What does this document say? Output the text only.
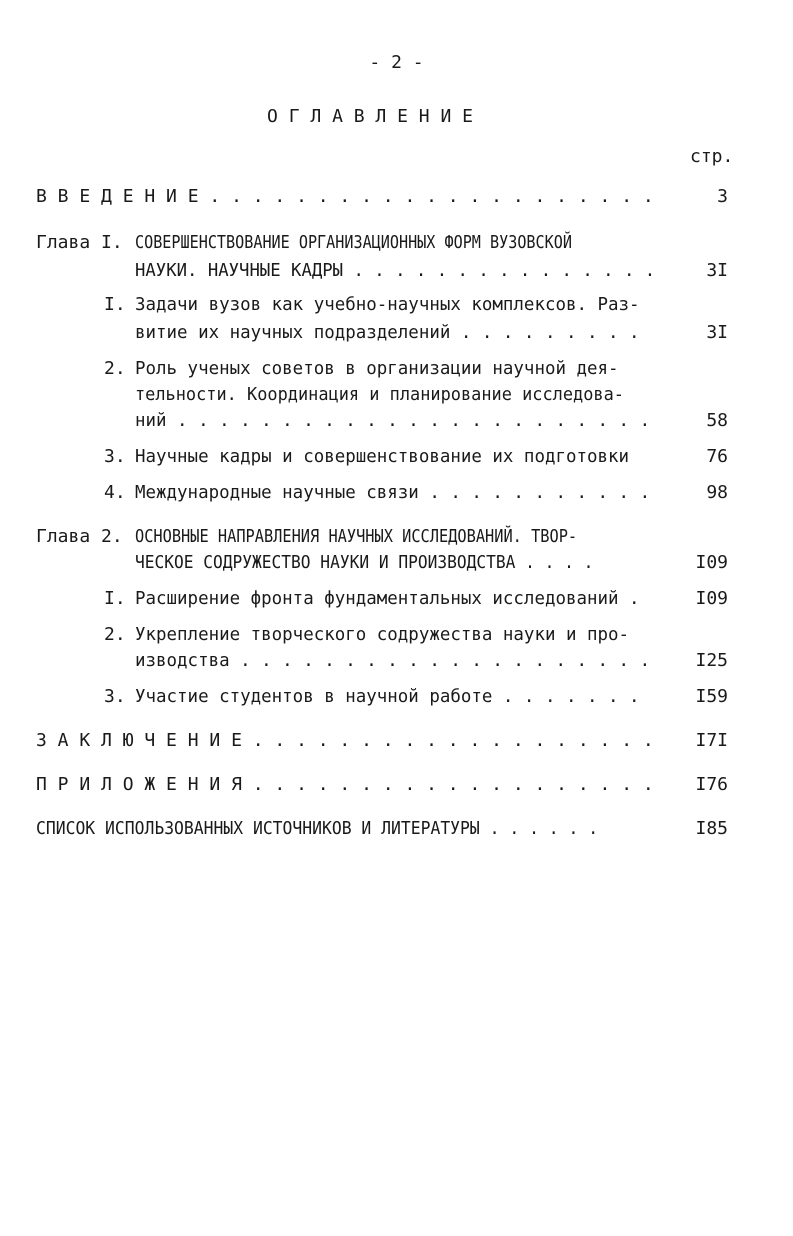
- 2 -
О Г Л А В Л Е Н И Е
стр.
В В Е Д Е Н И Е . . . . . . . . . . . . . . . . . . . . .	3
Глава I. СОВЕРШЕНСТВОВАНИЕ ОРГАНИЗАЦИОННЫХ ФОРМ ВУЗОВСКОЙ
НАУКИ. НАУЧНЫЕ КАДРЫ . . . . . . . . . . . . . . .	3I
I. Задачи вузов как учебно-научных комплексов. Раз-
витие их научных подразделений . . . . . . . . .	3I
2. Роль ученых советов в организации научной дея-
тельности. Координация и планирование исследова-
ний . . . . . . . . . . . . . . . . . . . . . . .	58
3. Научные кадры и совершенствование их подготовки	76
4. Международные научные связи . . . . . . . . . . .	98
Глава 2. ОСНОВНЫЕ НАПРАВЛЕНИЯ НАУЧНЫХ ИССЛЕДОВАНИЙ. ТВОР-
ЧЕСКОЕ СОДРУЖЕСТВО НАУКИ И ПРОИЗВОДСТВА . . . .	I09
I. Расширение фронта фундаментальных исследований .	I09
2. Укрепление творческого содружества науки и про-
изводства . . . . . . . . . . . . . . . . . . . .	I25
3. Участие студентов в научной работе . . . . . . .	I59
З А К Л Ю Ч Е Н И Е . . . . . . . . . . . . . . . . . . .	I7I
П Р И Л О Ж Е Н И Я . . . . . . . . . . . . . . . . . . .	I76
СПИСОК ИСПОЛЬЗОВАННЫХ ИСТОЧНИКОВ И ЛИТЕРАТУРЫ . . . . . .	I85
